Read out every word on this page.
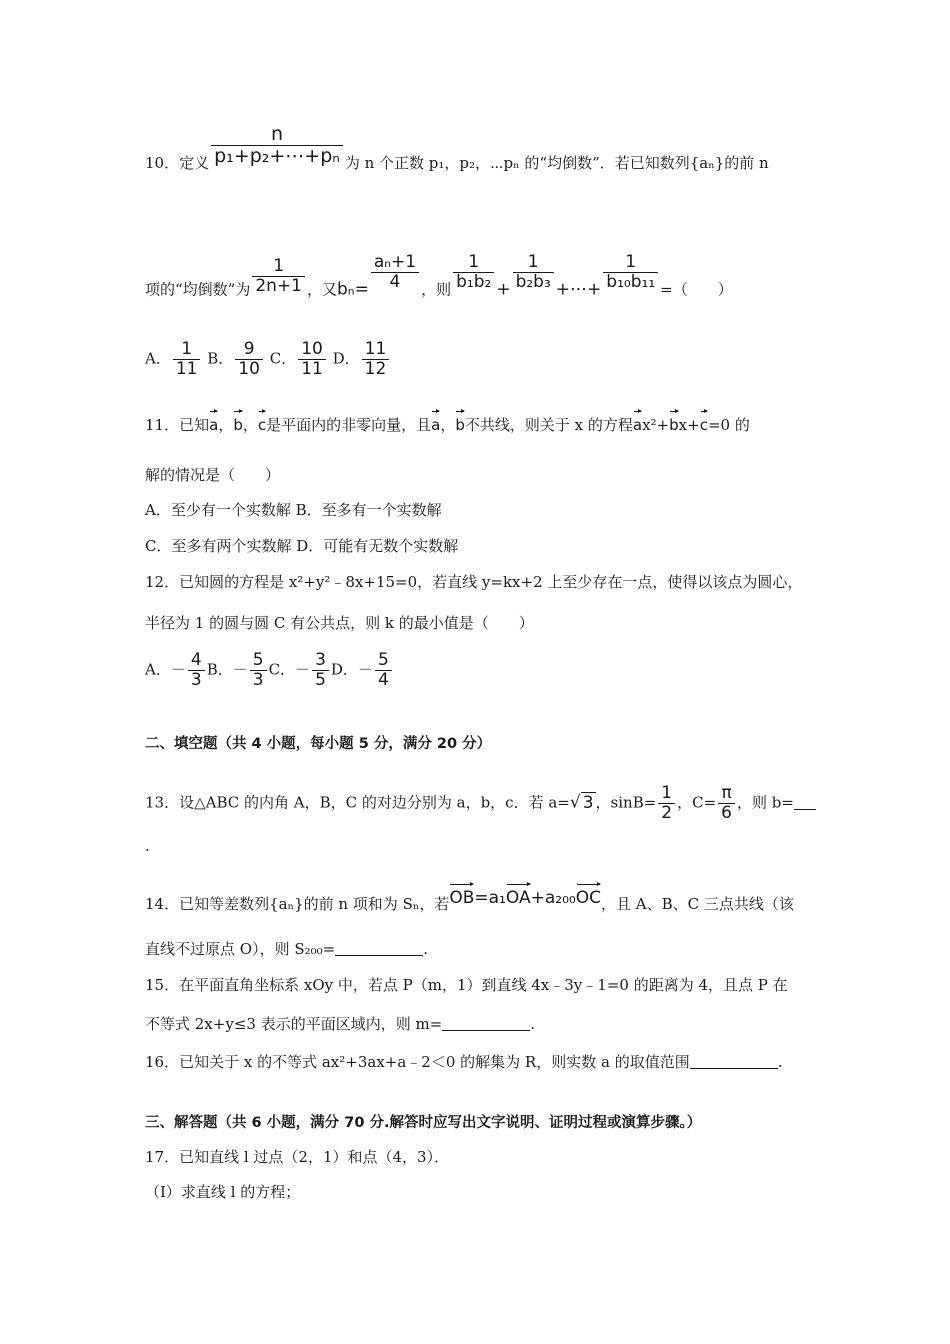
10．定义 $\frac{n}{\text{p₁+p₂+⋯+pₙ}}$ 为 n 个正数 p₁，p₂，⋯pₙ 的“均倒数”．若已知数列{aₙ}的前 n
项的“均倒数”为 $\frac{1}{2n+1}$ ，又$b_n= \frac{\text{aₙ+1}}{4}$ ，则 $\frac{1}{\text{b₁b₂}} + \frac{1}{\text{b₂b₃}}$ +⋯+ $\frac{1}{\text{b₁₀b₁₁}}$ =（　　）
A． $\frac{1}{11}$ B． $\frac{9}{10}$ C． $\frac{10}{11}$ D． $\frac{11}{12}$
11．已知a，b，c是平面内的非零向量，且a，b不共线，则关于 x 的方程ax²+bx+c=0 的
解的情况是（　　）
A．至少有一个实数解 B．至多有一个实数解
C．至多有两个实数解 D．可能有无数个实数解
12．已知圆的方程是 x²+y²﹣8x+15=0，若直线 y=kx+2 上至少存在一点，使得以该点为圆心，
半径为 1 的圆与圆 C 有公共点，则 k 的最小值是（　　）
A．－ $\frac{4}{3}$ B．－ $\frac{5}{3}$ C．－ $\frac{3}{5}$ D．－ $\frac{5}{4}$
二、填空题（共 4 小题，每小题 5 分，满分 20 分）
13．设△ABC 的内角 A，B，C 的对边分别为 a，b，c．若 a=√ 3 ，$\sin B= \frac{1}{2}$ ，$C= \frac{\pi}{6}$ ，则 b=
.
14．已知等差数列{aₙ}的前 n 项和为 Sₙ，若OB=a₁OA+a₂₀₀OC，且 A、B、C 三点共线（该
直线不过原点 O），则 S₂₀₀=	.
15．在平面直角坐标系 xOy 中，若点 P（m，1）到直线 4x﹣3y﹣1=0 的距离为 4，且点 P 在
不等式 2x+y≤3 表示的平面区域内，则 m=	.
16．已知关于 x 的不等式 ax²+3ax+a﹣2＜0 的解集为 R，则实数 a 的取值范围	.
三、解答题（共 6 小题，满分 70 分.解答时应写出文字说明、证明过程或演算步骤。）
17．已知直线 l 过点（2，1）和点（4，3）．
（Ⅰ）求直线 l 的方程；
